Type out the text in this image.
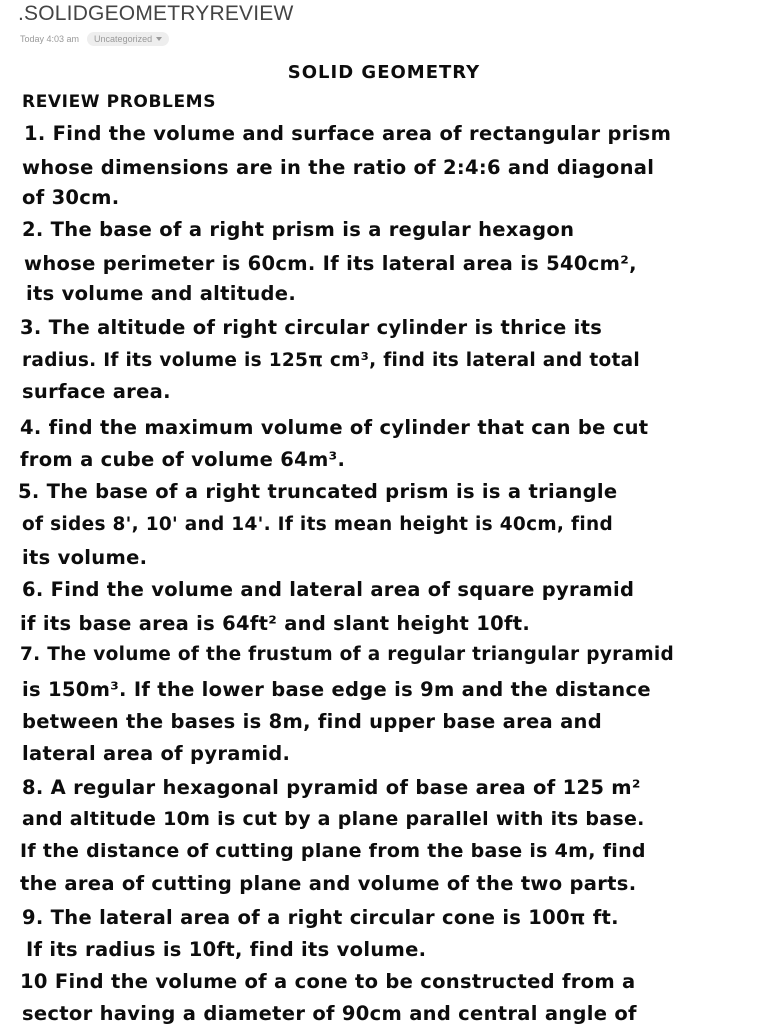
.SOLIDGEOMETRYREVIEW
Today 4:03 am Uncategorized
SOLID GEOMETRY
REVIEW PROBLEMS
1. Find the volume and surface area of rectangular prism
whose dimensions are in the ratio of 2:4:6 and diagonal
of 30cm.
2. The base of a right prism is a regular hexagon
whose perimeter is 60cm. If its lateral area is 540cm²,
its volume and altitude.
3. The altitude of right circular cylinder is thrice its
radius. If its volume is 125π cm³, find its lateral and total
surface area.
4. find the maximum volume of cylinder that can be cut
from a cube of volume 64m³.
5. The base of a right truncated prism is is a triangle
of sides 8', 10' and 14'. If its mean height is 40cm, find
its volume.
6. Find the volume and lateral area of square pyramid
if its base area is 64ft² and slant height 10ft.
7. The volume of the frustum of a regular triangular pyramid
is 150m³. If the lower base edge is 9m and the distance
between the bases is 8m, find upper base area and
lateral area of pyramid.
8. A regular hexagonal pyramid of base area of 125 m²
and altitude 10m is cut by a plane parallel with its base.
If the distance of cutting plane from the base is 4m, find
the area of cutting plane and volume of the two parts.
9. The lateral area of a right circular cone is 100π ft.
If its radius is 10ft, find its volume.
10 Find the volume of a cone to be constructed from a
sector having a diameter of 90cm and central angle of
